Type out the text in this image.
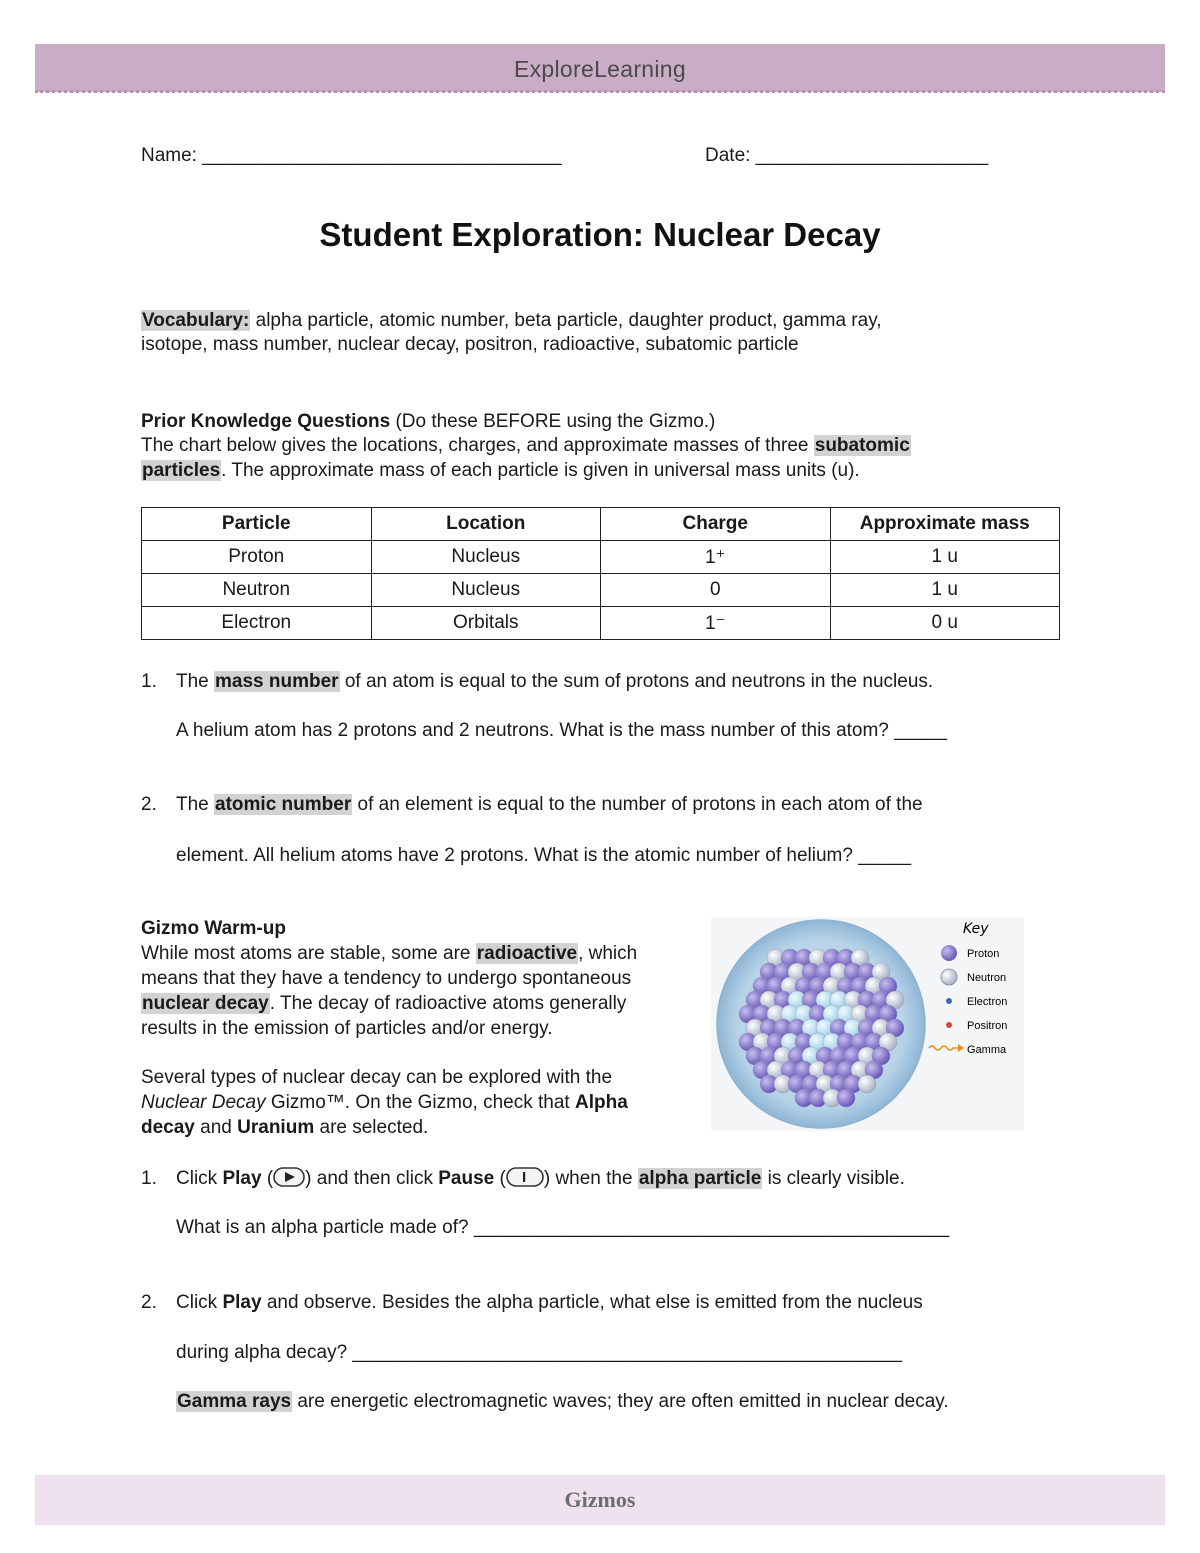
ExploreLearning
Name: __________________________________	Date: ______________________
Student Exploration: Nuclear Decay
Vocabulary: alpha particle, atomic number, beta particle, daughter product, gamma ray,
isotope, mass number, nuclear decay, positron, radioactive, subatomic particle
Prior Knowledge Questions (Do these BEFORE using the Gizmo.)
The chart below gives the locations, charges, and approximate masses of three subatomic
particles. The approximate mass of each particle is given in universal mass units (u).
Particle	Location	Charge	Approximate mass
Proton	Nucleus	1⁺	1 u
Neutron	Nucleus	0	1 u
Electron	Orbitals	1⁻	0 u
1. The mass number of an atom is equal to the sum of protons and neutrons in the nucleus.
A helium atom has 2 protons and 2 neutrons. What is the mass number of this atom? _____
2. The atomic number of an element is equal to the number of protons in each atom of the
element. All helium atoms have 2 protons. What is the atomic number of helium? _____
Gizmo Warm-up
While most atoms are stable, some are radioactive, which
means that they have a tendency to undergo spontaneous
nuclear decay. The decay of radioactive atoms generally
results in the emission of particles and/or energy.
Several types of nuclear decay can be explored with the
Nuclear Decay Gizmo™. On the Gizmo, check that Alpha
decay and Uranium are selected.
Key
Proton
Neutron
Electron
Positron
Gamma
1. Click Play ( ) and then click Pause ( ) when the alpha particle is clearly visible.
What is an alpha particle made of? _____________________________________________
2. Click Play and observe. Besides the alpha particle, what else is emitted from the nucleus
during alpha decay? ____________________________________________________
Gamma rays are energetic electromagnetic waves; they are often emitted in nuclear decay.
Gizmos
